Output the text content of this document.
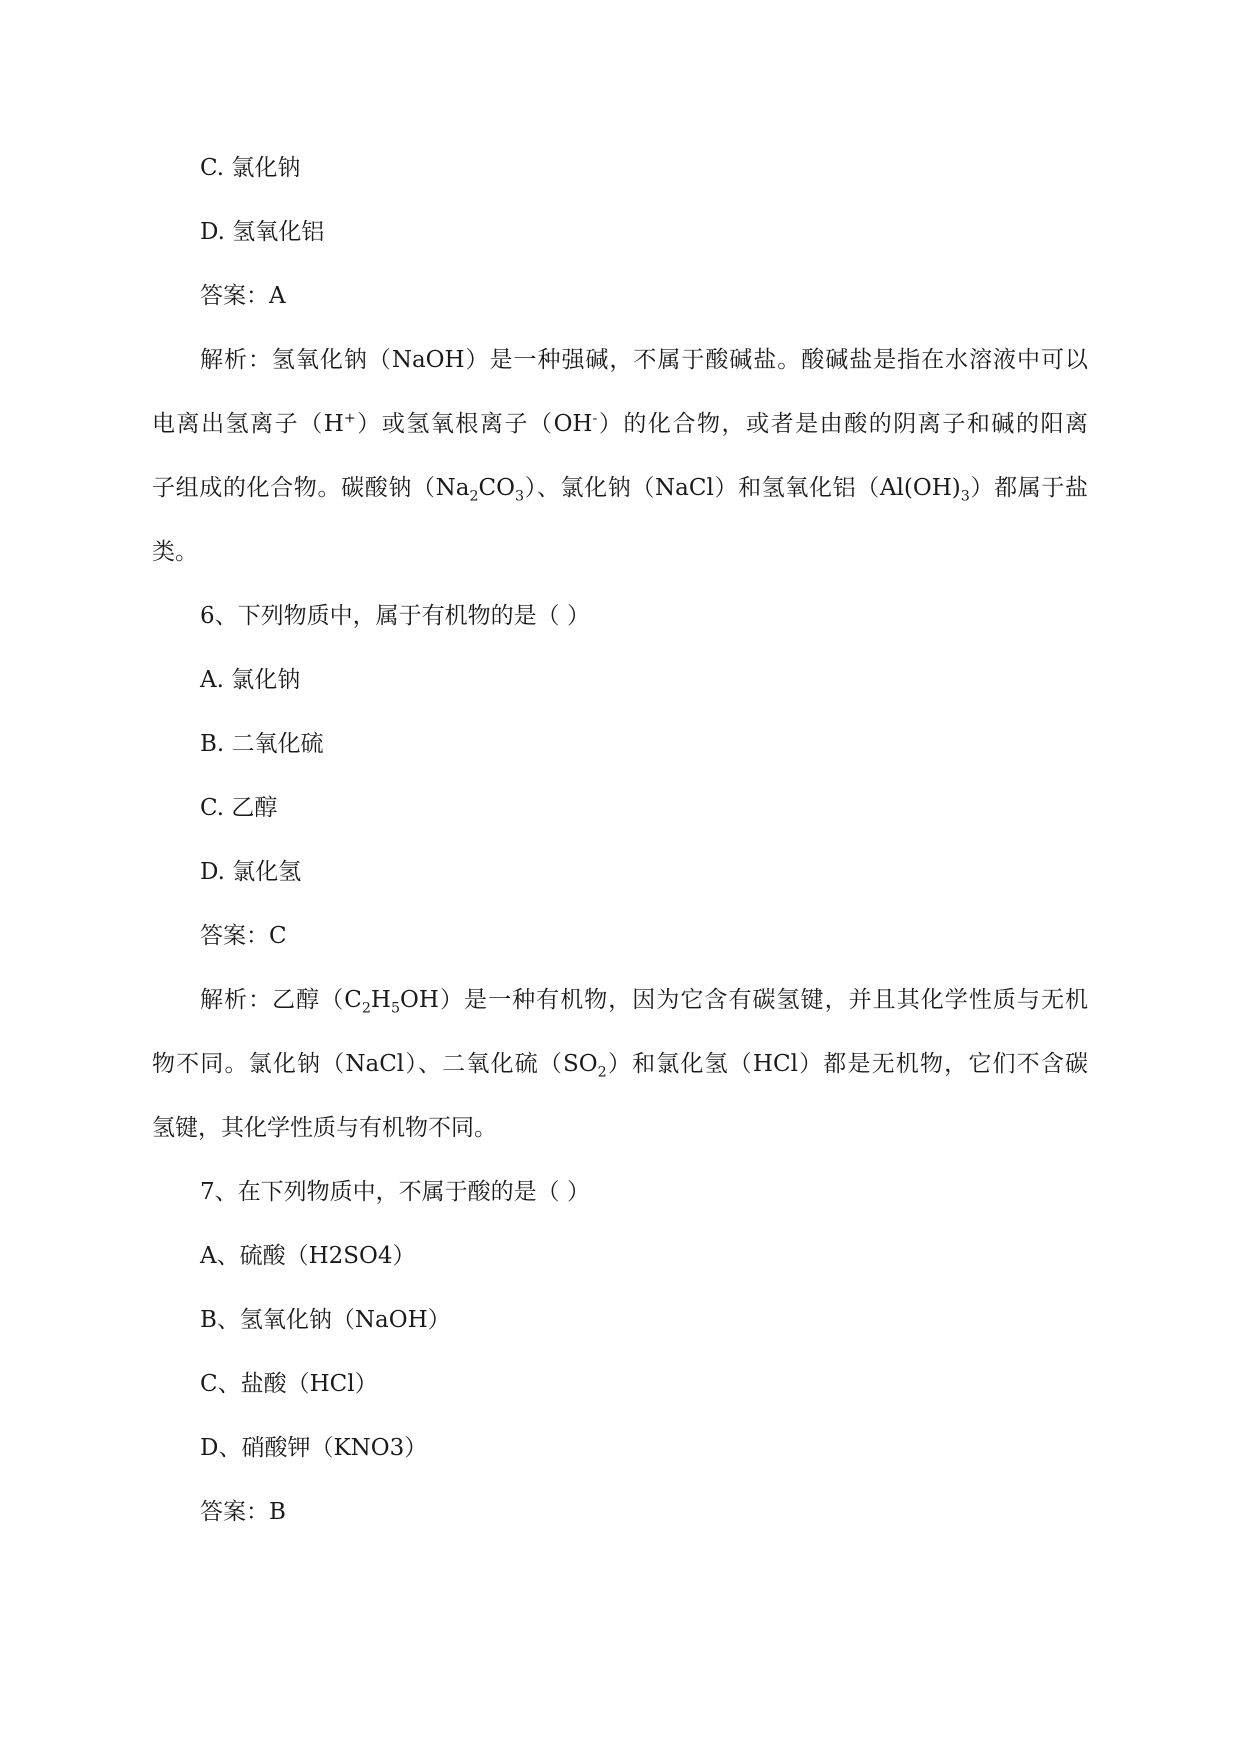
C. 氯化钠
D. 氢氧化铝
答案：A
解析：氢氧化钠（NaOH）是一种强碱，不属于酸碱盐。酸碱盐是指在水溶液中可以
电离出氢离子（H+）或氢氧根离子（OH-）的化合物，或者是由酸的阴离子和碱的阳离
子组成的化合物。碳酸钠$(Na_2CO_3)$、氯化钠（NaCl）和氢氧化铝$(Al(OH)_3)$都属于盐
类。
6、下列物质中，属于有机物的是（ ）
A. 氯化钠
B. 二氧化硫
C. 乙醇
D. 氯化氢
答案：C
解析：乙醇$(C_2H_5OH)$是一种有机物，因为它含有碳氢键，并且其化学性质与无机
物不同。氯化钠（NaCl）、二氧化硫$(SO_2)$和氯化氢（HCl）都是无机物，它们不含碳
氢键，其化学性质与有机物不同。
7、在下列物质中，不属于酸的是（ ）
A、硫酸（H2SO4）
B、氢氧化钠（NaOH）
C、盐酸（HCl）
D、硝酸钾（KNO3）
答案：B
